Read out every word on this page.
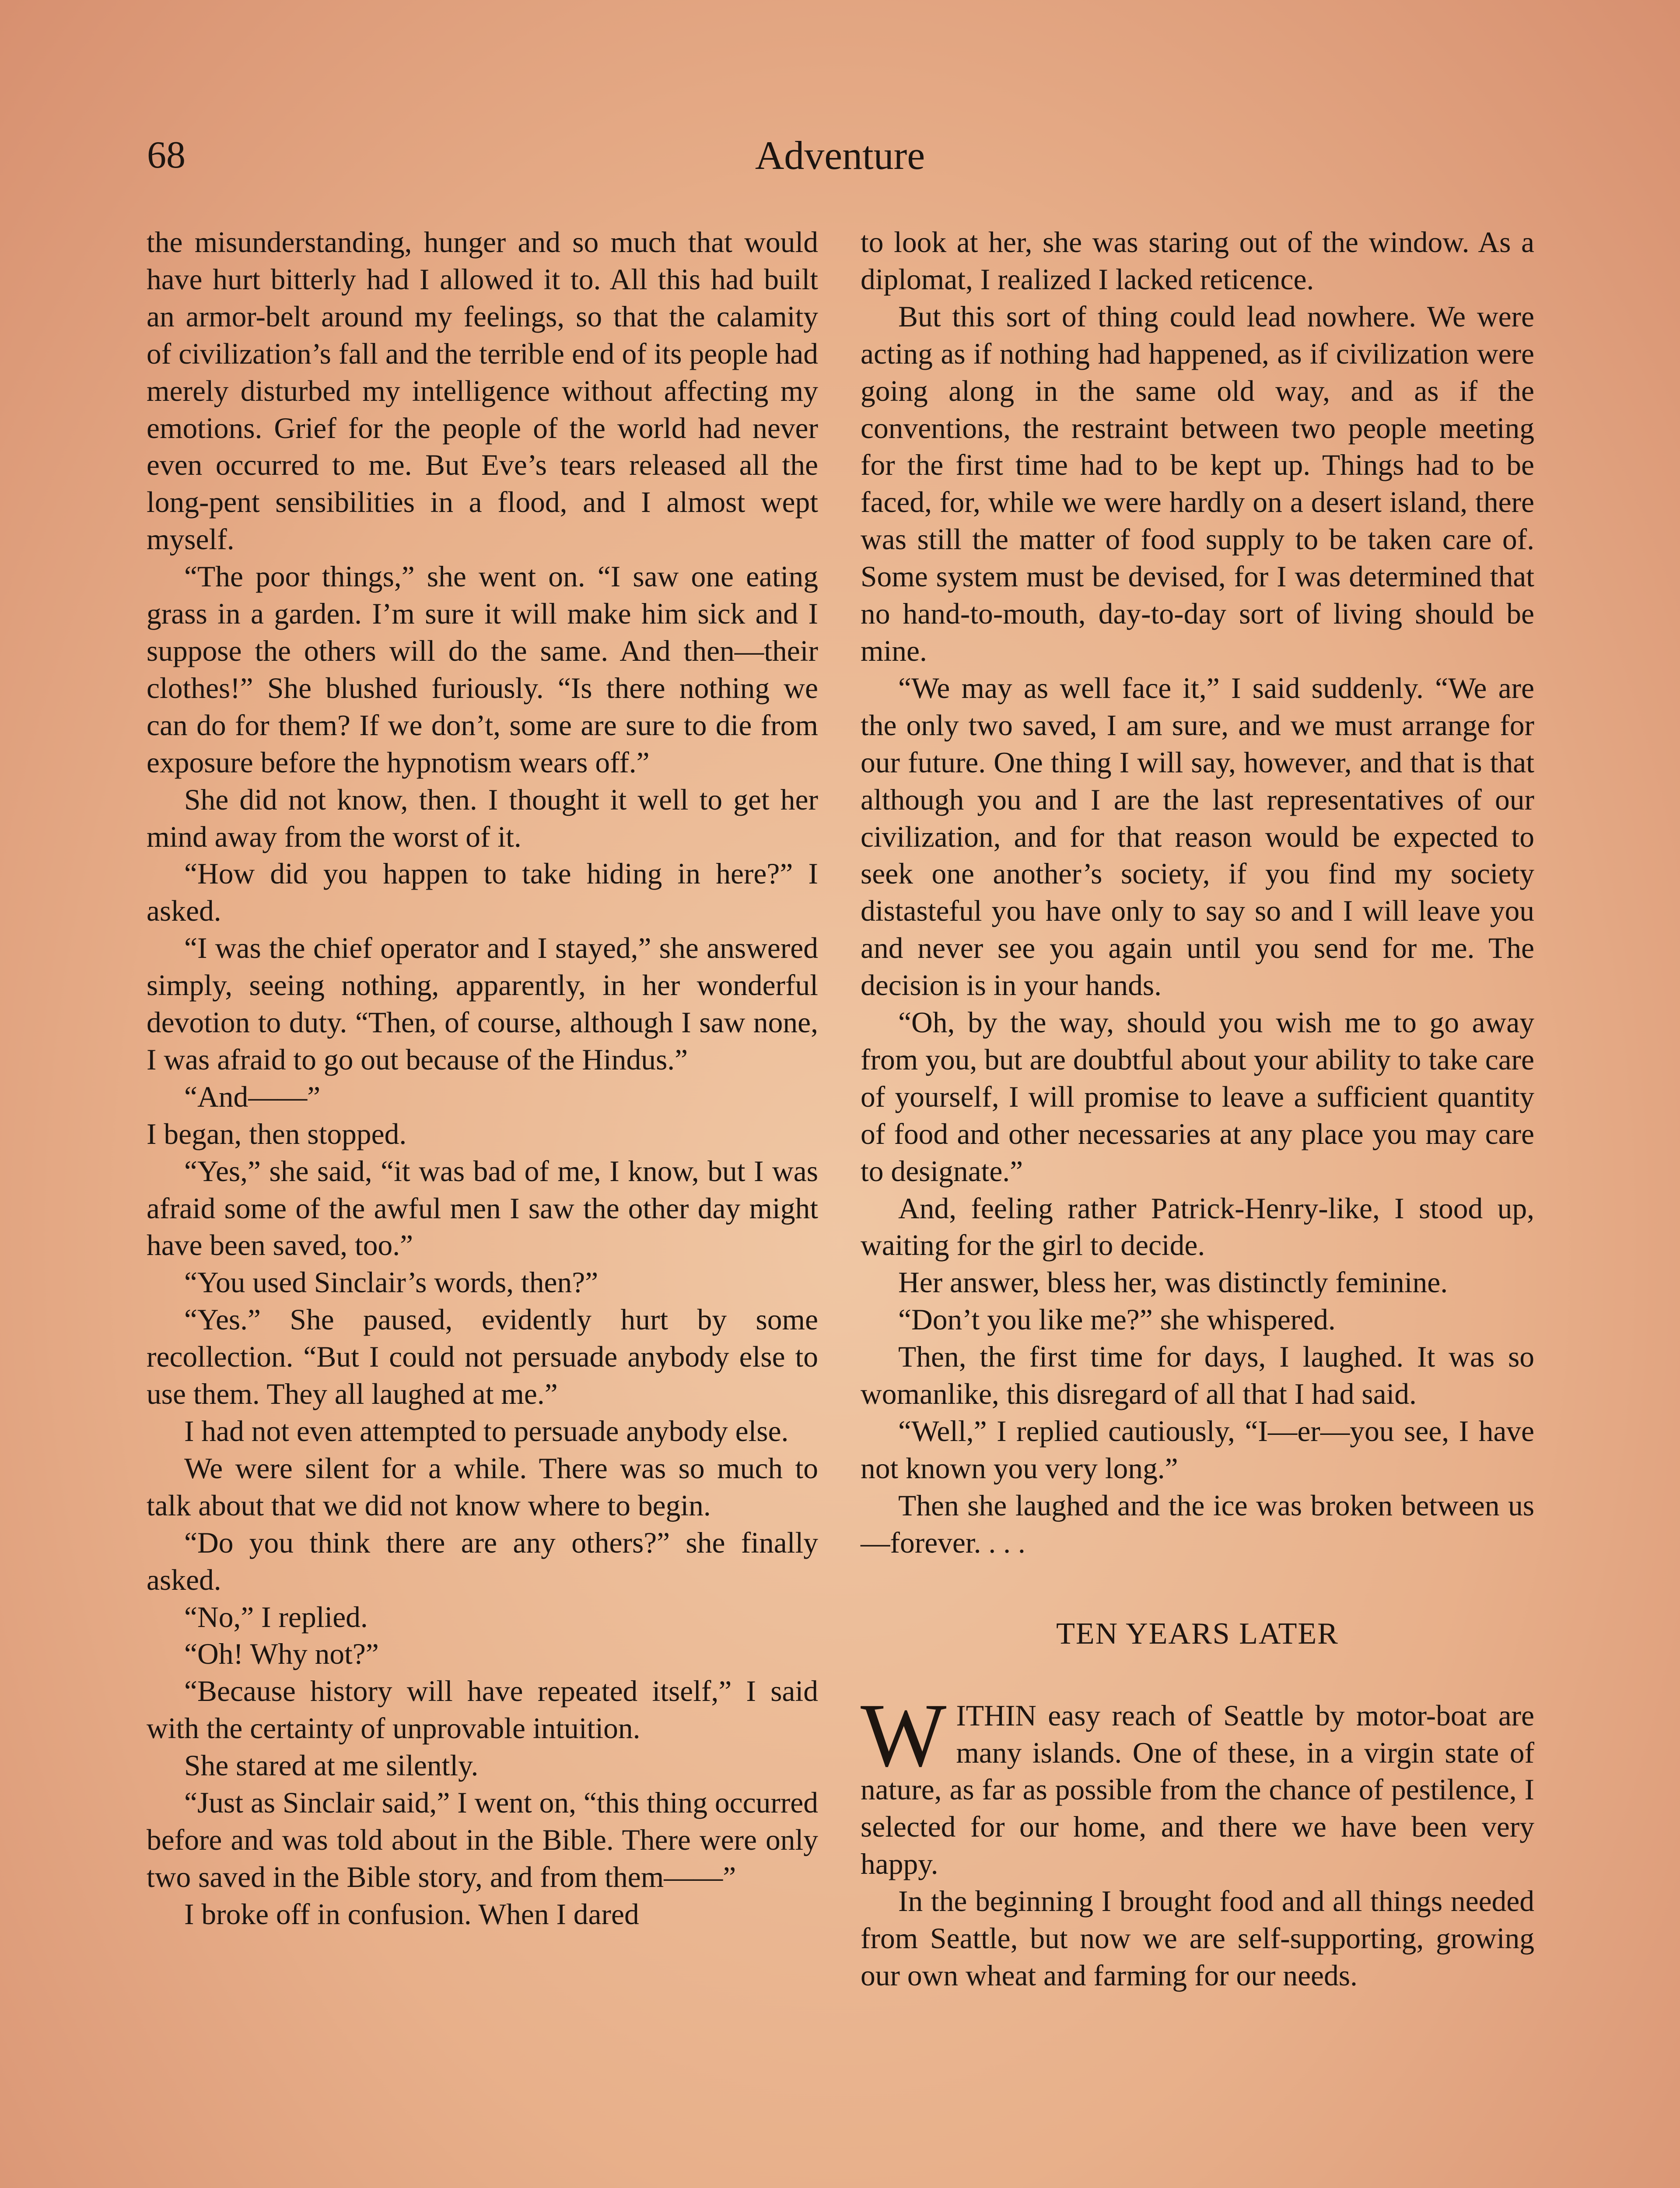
68	Adventure

the misunderstanding, hunger and so much that would have hurt bitterly had I allowed it to. All this had built an armor-belt around my feelings, so that the calamity of civilization’s fall and the terrible end of its people had merely disturbed my intelligence without affecting my emotions. Grief for the people of the world had never even occurred to me. But Eve’s tears released all the long-pent sensibilities in a flood, and I almost wept myself.

“The poor things,” she went on. “I saw one eating grass in a garden. I’m sure it will make him sick and I suppose the others will do the same. And then—their clothes!” She blushed furiously. “Is there nothing we can do for them? If we don’t, some are sure to die from exposure before the hypnotism wears off.”

She did not know, then. I thought it well to get her mind away from the worst of it.

“How did you happen to take hiding in here?” I asked.

“I was the chief operator and I stayed,” she answered simply, seeing nothing, apparently, in her wonderful devotion to duty. “Then, of course, although I saw none, I was afraid to go out because of the Hindus.”

“And——”

I began, then stopped.

“Yes,” she said, “it was bad of me, I know, but I was afraid some of the awful men I saw the other day might have been saved, too.”

“You used Sinclair’s words, then?”

“Yes.” She paused, evidently hurt by some recollection. “But I could not persuade anybody else to use them. They all laughed at me.”

I had not even attempted to persuade anybody else.

We were silent for a while. There was so much to talk about that we did not know where to begin.

“Do you think there are any others?” she finally asked.

“No,” I replied.

“Oh! Why not?”

“Because history will have repeated itself,” I said with the certainty of unprovable intuition.

She stared at me silently.

“Just as Sinclair said,” I went on, “this thing occurred before and was told about in the Bible. There were only two saved in the Bible story, and from them——”

I broke off in confusion. When I dared

to look at her, she was staring out of the window. As a diplomat, I realized I lacked reticence.

But this sort of thing could lead nowhere. We were acting as if nothing had happened, as if civilization were going along in the same old way, and as if the conventions, the restraint between two people meeting for the first time had to be kept up. Things had to be faced, for, while we were hardly on a desert island, there was still the matter of food supply to be taken care of. Some system must be devised, for I was determined that no hand-to-mouth, day-to-day sort of living should be mine.

“We may as well face it,” I said suddenly. “We are the only two saved, I am sure, and we must arrange for our future. One thing I will say, however, and that is that although you and I are the last representatives of our civilization, and for that reason would be expected to seek one another’s society, if you find my society distasteful you have only to say so and I will leave you and never see you again until you send for me. The decision is in your hands.

“Oh, by the way, should you wish me to go away from you, but are doubtful about your ability to take care of yourself, I will promise to leave a sufficient quantity of food and other necessaries at any place you may care to designate.”

And, feeling rather Patrick-Henry-like, I stood up, waiting for the girl to decide.

Her answer, bless her, was distinctly feminine.

“Don’t you like me?” she whispered.

Then, the first time for days, I laughed. It was so womanlike, this disregard of all that I had said.

“Well,” I replied cautiously, “I—er—you see, I have not known you very long.”

Then she laughed and the ice was broken between us—forever. . . .

TEN YEARS LATER

WITHIN easy reach of Seattle by motor-boat are many islands. One of these, in a virgin state of nature, as far as possible from the chance of pestilence, I selected for our home, and there we have been very happy.

In the beginning I brought food and all things needed from Seattle, but now we are self-supporting, growing our own wheat and farming for our needs.
